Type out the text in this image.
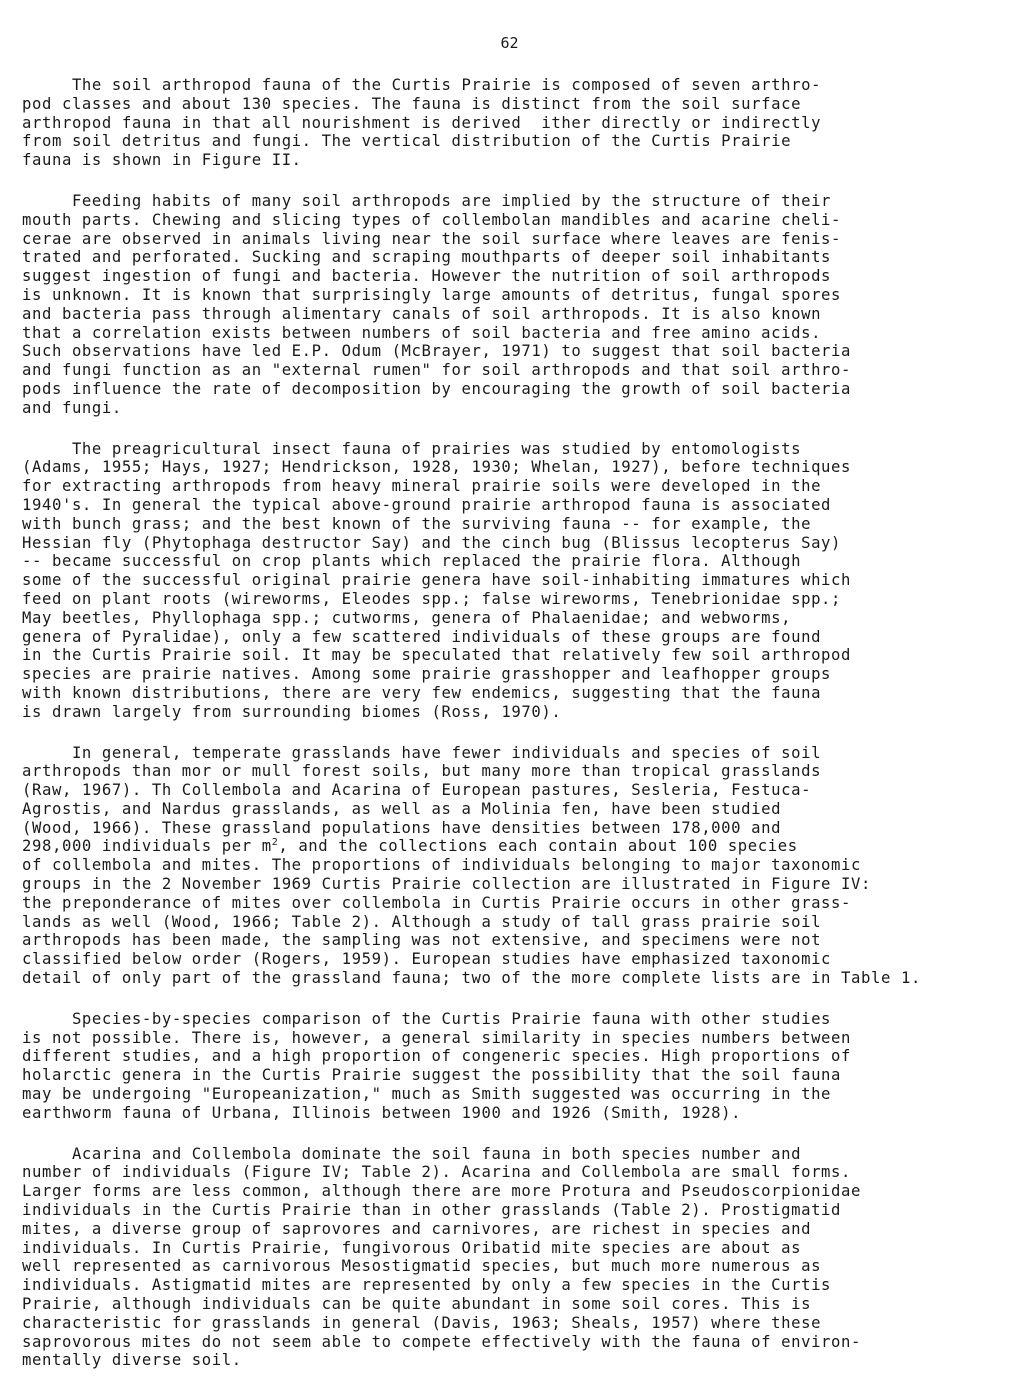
62
The soil arthropod fauna of the Curtis Prairie is composed of seven arthro-
pod classes and about 130 species. The fauna is distinct from the soil surface
arthropod fauna in that all nourishment is derived  ither directly or indirectly
from soil detritus and fungi. The vertical distribution of the Curtis Prairie
fauna is shown in Figure II.
Feeding habits of many soil arthropods are implied by the structure of their
mouth parts. Chewing and slicing types of collembolan mandibles and acarine cheli-
cerae are observed in animals living near the soil surface where leaves are fenis-
trated and perforated. Sucking and scraping mouthparts of deeper soil inhabitants
suggest ingestion of fungi and bacteria. However the nutrition of soil arthropods
is unknown. It is known that surprisingly large amounts of detritus, fungal spores
and bacteria pass through alimentary canals of soil arthropods. It is also known
that a correlation exists between numbers of soil bacteria and free amino acids.
Such observations have led E.P. Odum (McBrayer, 1971) to suggest that soil bacteria
and fungi function as an "external rumen" for soil arthropods and that soil arthro-
pods influence the rate of decomposition by encouraging the growth of soil bacteria
and fungi.
The preagricultural insect fauna of prairies was studied by entomologists
(Adams, 1955; Hays, 1927; Hendrickson, 1928, 1930; Whelan, 1927), before techniques
for extracting arthropods from heavy mineral prairie soils were developed in the
1940's. In general the typical above-ground prairie arthropod fauna is associated
with bunch grass; and the best known of the surviving fauna -- for example, the
Hessian fly (Phytophaga destructor Say) and the cinch bug (Blissus lecopterus Say)
-- became successful on crop plants which replaced the prairie flora. Although
some of the successful original prairie genera have soil-inhabiting immatures which
feed on plant roots (wireworms, Eleodes spp.; false wireworms, Tenebrionidae spp.;
May beetles, Phyllophaga spp.; cutworms, genera of Phalaenidae; and webworms,
genera of Pyralidae), only a few scattered individuals of these groups are found
in the Curtis Prairie soil. It may be speculated that relatively few soil arthropod
species are prairie natives. Among some prairie grasshopper and leafhopper groups
with known distributions, there are very few endemics, suggesting that the fauna
is drawn largely from surrounding biomes (Ross, 1970).
In general, temperate grasslands have fewer individuals and species of soil
arthropods than mor or mull forest soils, but many more than tropical grasslands
(Raw, 1967). Th Collembola and Acarina of European pastures, Sesleria, Festuca-
Agrostis, and Nardus grasslands, as well as a Molinia fen, have been studied
(Wood, 1966). These grassland populations have densities between 178,000 and
298,000 individuals per $m^2$, and the collections each contain about 100 species
of collembola and mites. The proportions of individuals belonging to major taxonomic
groups in the 2 November 1969 Curtis Prairie collection are illustrated in Figure IV:
the preponderance of mites over collembola in Curtis Prairie occurs in other grass-
lands as well (Wood, 1966; Table 2). Although a study of tall grass prairie soil
arthropods has been made, the sampling was not extensive, and specimens were not
classified below order (Rogers, 1959). European studies have emphasized taxonomic
detail of only part of the grassland fauna; two of the more complete lists are in Table 1.
Species-by-species comparison of the Curtis Prairie fauna with other studies
is not possible. There is, however, a general similarity in species numbers between
different studies, and a high proportion of congeneric species. High proportions of
holarctic genera in the Curtis Prairie suggest the possibility that the soil fauna
may be undergoing "Europeanization," much as Smith suggested was occurring in the
earthworm fauna of Urbana, Illinois between 1900 and 1926 (Smith, 1928).
Acarina and Collembola dominate the soil fauna in both species number and
number of individuals (Figure IV; Table 2). Acarina and Collembola are small forms.
Larger forms are less common, although there are more Protura and Pseudoscorpionidae
individuals in the Curtis Prairie than in other grasslands (Table 2). Prostigmatid
mites, a diverse group of saprovores and carnivores, are richest in species and
individuals. In Curtis Prairie, fungivorous Oribatid mite species are about as
well represented as carnivorous Mesostigmatid species, but much more numerous as
individuals. Astigmatid mites are represented by only a few species in the Curtis
Prairie, although individuals can be quite abundant in some soil cores. This is
characteristic for grasslands in general (Davis, 1963; Sheals, 1957) where these
saprovorous mites do not seem able to compete effectively with the fauna of environ-
mentally diverse soil.
